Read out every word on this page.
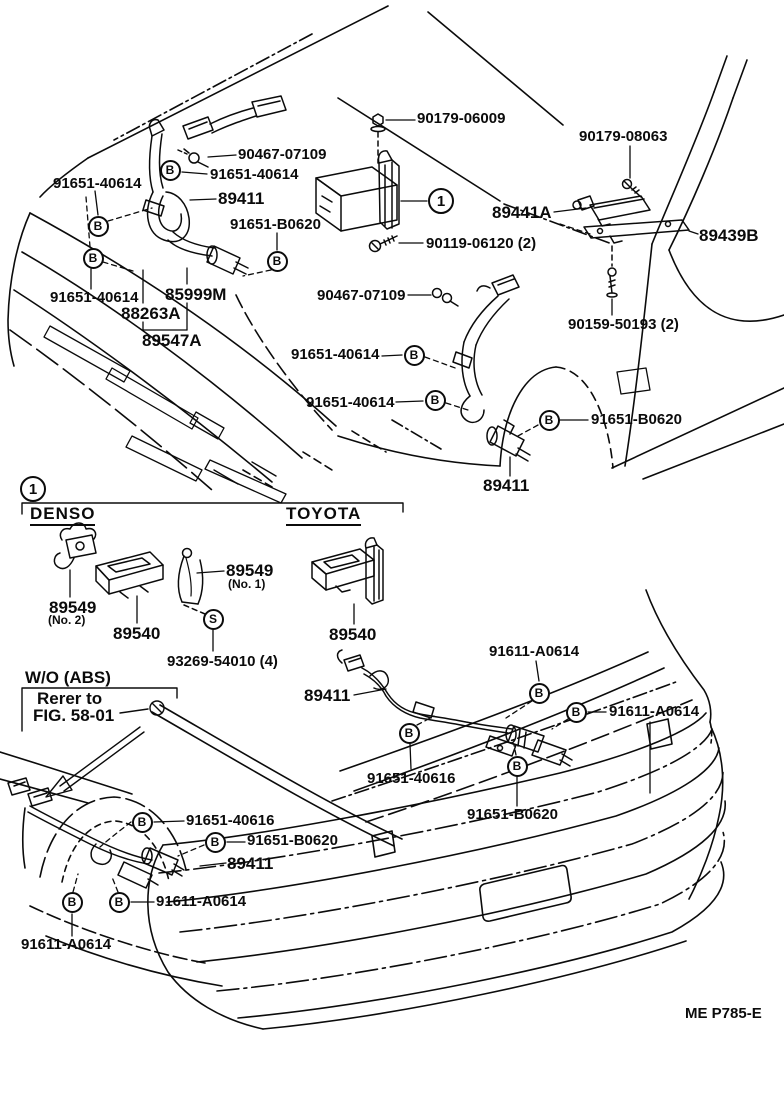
90179-06009
90467-07109
91651-40614
91651-40614
89411
91651-B0620
90179-08063
89441A
89439B
90119-06120 (2)
90467-07109
90159-50193 (2)
91651-40614
91651-40614
91651-B0620
89411
91651-40614 85999M
88263A
89547A
89549
(No. 1)
89549
(No. 2)
89540
93269-54010 (4)
89540
89411
91611-A0614
91611-A0614
91651-40616
91651-B0620
91651-40616
91651-B0620
89411
91611-A0614
91611-A0614
DENSO	TOYOTA
W/O (ABS)
Rerer to
FIG. 58-01
B
B
B	B
B
B
B
B
B
B
B
B
B
B	B
S
1
1
ME P785-E
